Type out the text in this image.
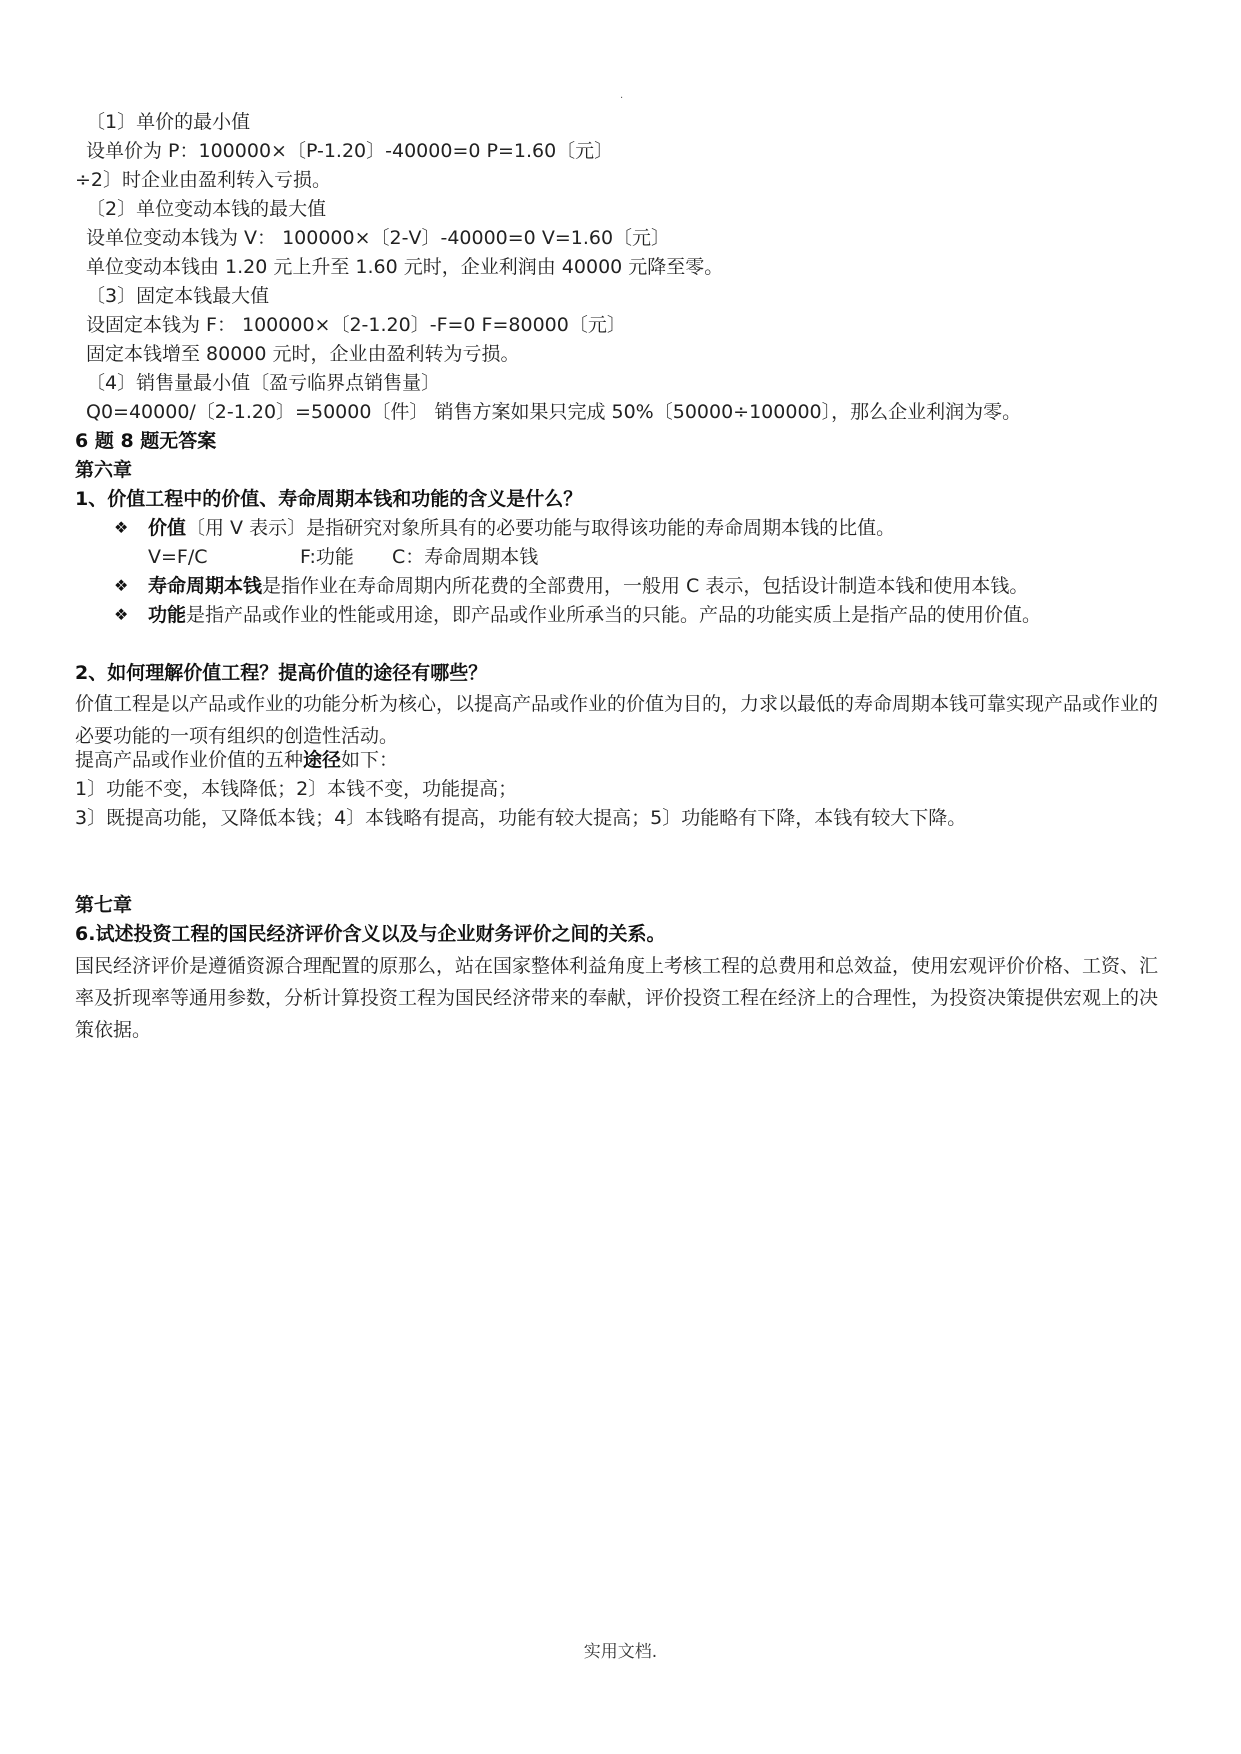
.
〔1〕单价的最小值
设单价为 P：100000×〔P-1.20〕-40000=0 P=1.60〔元〕
÷2〕时企业由盈利转入亏损。
〔2〕单位变动本钱的最大值
设单位变动本钱为 V： 100000×〔2-V〕-40000=0 V=1.60〔元〕
单位变动本钱由 1.20 元上升至 1.60 元时，企业利润由 40000 元降至零。
〔3〕固定本钱最大值
设固定本钱为 F： 100000×〔2-1.20〕-F=0 F=80000〔元〕
固定本钱增至 80000 元时，企业由盈利转为亏损。
〔4〕销售量最小值〔盈亏临界点销售量〕
Q0=40000/〔2-1.20〕=50000〔件〕 销售方案如果只完成 50%〔50000÷100000〕，那么企业利润为零。
6 题 8 题无答案
第六章
1、价值工程中的价值、寿命周期本钱和功能的含义是什么？
❖ 价值〔用 V 表示〕是指研究对象所具有的必要功能与取得该功能的寿命周期本钱的比值。
V=F/C	F:功能 C：寿命周期本钱
❖ 寿命周期本钱是指作业在寿命周期内所花费的全部费用，一般用 C 表示，包括设计制造本钱和使用本钱。
❖ 功能是指产品或作业的性能或用途，即产品或作业所承当的只能。产品的功能实质上是指产品的使用价值。
2、如何理解价值工程？提高价值的途径有哪些？
价值工程是以产品或作业的功能分析为核心，以提高产品或作业的价值为目的，力求以最低的寿命周期本钱可靠实现产品或作业的必要功能的一项有组织的创造性活动。
提高产品或作业价值的五种途径如下：
1〕功能不变，本钱降低；2〕本钱不变，功能提高；
3〕既提高功能，又降低本钱；4〕本钱略有提高，功能有较大提高；5〕功能略有下降，本钱有较大下降。
第七章
6.试述投资工程的国民经济评价含义以及与企业财务评价之间的关系。
国民经济评价是遵循资源合理配置的原那么，站在国家整体利益角度上考核工程的总费用和总效益，使用宏观评价价格、工资、汇率及折现率等通用参数，分析计算投资工程为国民经济带来的奉献，评价投资工程在经济上的合理性，为投资决策提供宏观上的决策依据。
实用文档.
